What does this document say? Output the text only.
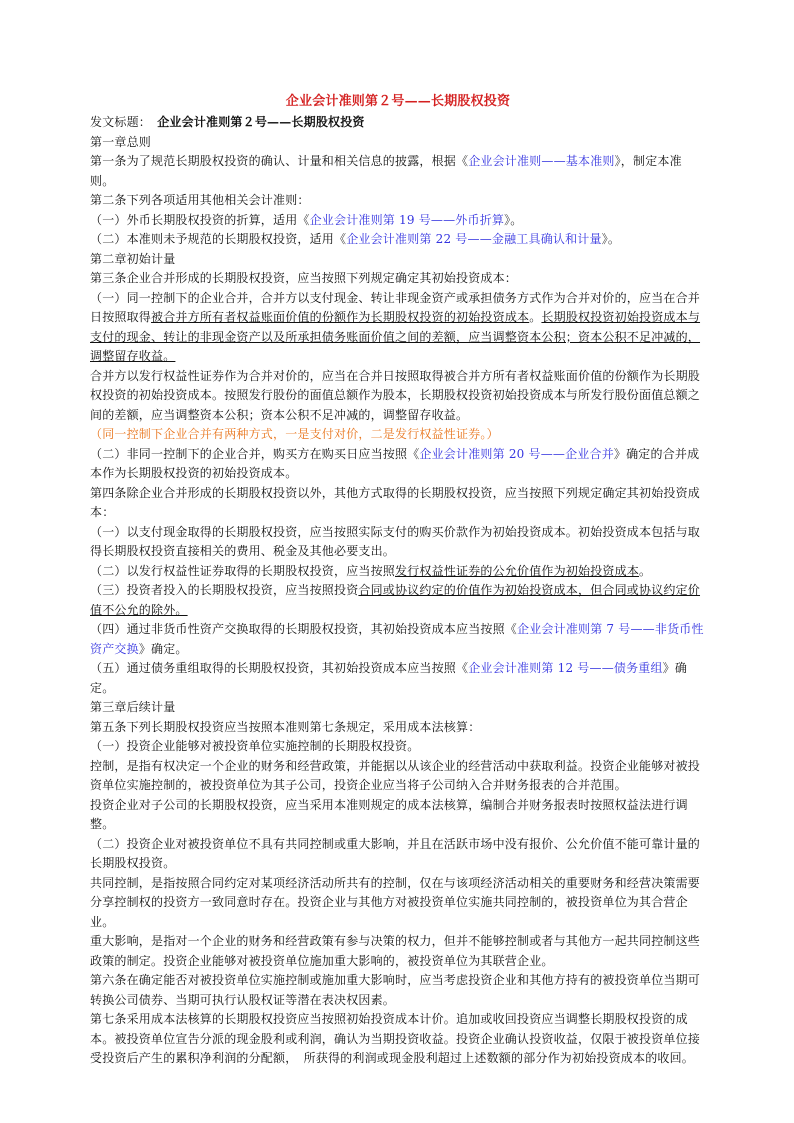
企业会计准则第２号——长期股权投资

发文标题：　 企业会计准则第２号——长期股权投资

第一章总则

第一条为了规范长期股权投资的确认、计量和相关信息的披露，根据《企业会计准则——基本准则》，制定本准则。

第二条下列各项适用其他相关会计准则：

（一）外币长期股权投资的折算，适用《企业会计准则第 19 号——外币折算》。

（二）本准则未予规范的长期股权投资，适用《企业会计准则第 22 号——金融工具确认和计量》。

第二章初始计量

第三条企业合并形成的长期股权投资，应当按照下列规定确定其初始投资成本：

（一）同一控制下的企业合并，合并方以支付现金、转让非现金资产或承担债务方式作为合并对价的，应当在合并日按照取得被合并方所有者权益账面价值的份额作为长期股权投资的初始投资成本。长期股权投资初始投资成本与支付的现金、转让的非现金资产以及所承担债务账面价值之间的差额，应当调整资本公积；资本公积不足冲减的，调整留存收益。

合并方以发行权益性证券作为合并对价的，应当在合并日按照取得被合并方所有者权益账面价值的份额作为长期股权投资的初始投资成本。按照发行股份的面值总额作为股本，长期股权投资初始投资成本与所发行股份面值总额之间的差额，应当调整资本公积；资本公积不足冲减的，调整留存收益。

（同一控制下企业合并有两种方式，一是支付对价，二是发行权益性证券。）

（二）非同一控制下的企业合并，购买方在购买日应当按照《企业会计准则第 20 号——企业合并》确定的合并成本作为长期股权投资的初始投资成本。

第四条除企业合并形成的长期股权投资以外，其他方式取得的长期股权投资，应当按照下列规定确定其初始投资成本：

（一）以支付现金取得的长期股权投资，应当按照实际支付的购买价款作为初始投资成本。初始投资成本包括与取得长期股权投资直接相关的费用、税金及其他必要支出。

（二）以发行权益性证券取得的长期股权投资，应当按照发行权益性证券的公允价值作为初始投资成本。

（三）投资者投入的长期股权投资，应当按照投资合同或协议约定的价值作为初始投资成本，但合同或协议约定价值不公允的除外。

（四）通过非货币性资产交换取得的长期股权投资，其初始投资成本应当按照《企业会计准则第 7 号——非货币性资产交换》确定。

（五）通过债务重组取得的长期股权投资，其初始投资成本应当按照《企业会计准则第 12 号——债务重组》确定。

第三章后续计量

第五条下列长期股权投资应当按照本准则第七条规定，采用成本法核算：

（一）投资企业能够对被投资单位实施控制的长期股权投资。

控制，是指有权决定一个企业的财务和经营政策，并能据以从该企业的经营活动中获取利益。投资企业能够对被投资单位实施控制的，被投资单位为其子公司，投资企业应当将子公司纳入合并财务报表的合并范围。

投资企业对子公司的长期股权投资，应当采用本准则规定的成本法核算，编制合并财务报表时按照权益法进行调整。

（二）投资企业对被投资单位不具有共同控制或重大影响，并且在活跃市场中没有报价、公允价值不能可靠计量的长期股权投资。

共同控制，是指按照合同约定对某项经济活动所共有的控制，仅在与该项经济活动相关的重要财务和经营决策需要分享控制权的投资方一致同意时存在。投资企业与其他方对被投资单位实施共同控制的，被投资单位为其合营企业。

重大影响，是指对一个企业的财务和经营政策有参与决策的权力，但并不能够控制或者与其他方一起共同控制这些政策的制定。投资企业能够对被投资单位施加重大影响的，被投资单位为其联营企业。

第六条在确定能否对被投资单位实施控制或施加重大影响时，应当考虑投资企业和其他方持有的被投资单位当期可转换公司债券、当期可执行认股权证等潜在表决权因素。

第七条采用成本法核算的长期股权投资应当按照初始投资成本计价。追加或收回投资应当调整长期股权投资的成本。被投资单位宣告分派的现金股利或利润，确认为当期投资收益。投资企业确认投资收益，仅限于被投资单位接受投资后产生的累积净利润的分配额，　所获得的利润或现金股利超过上述数额的部分作为初始投资成本的收回。
